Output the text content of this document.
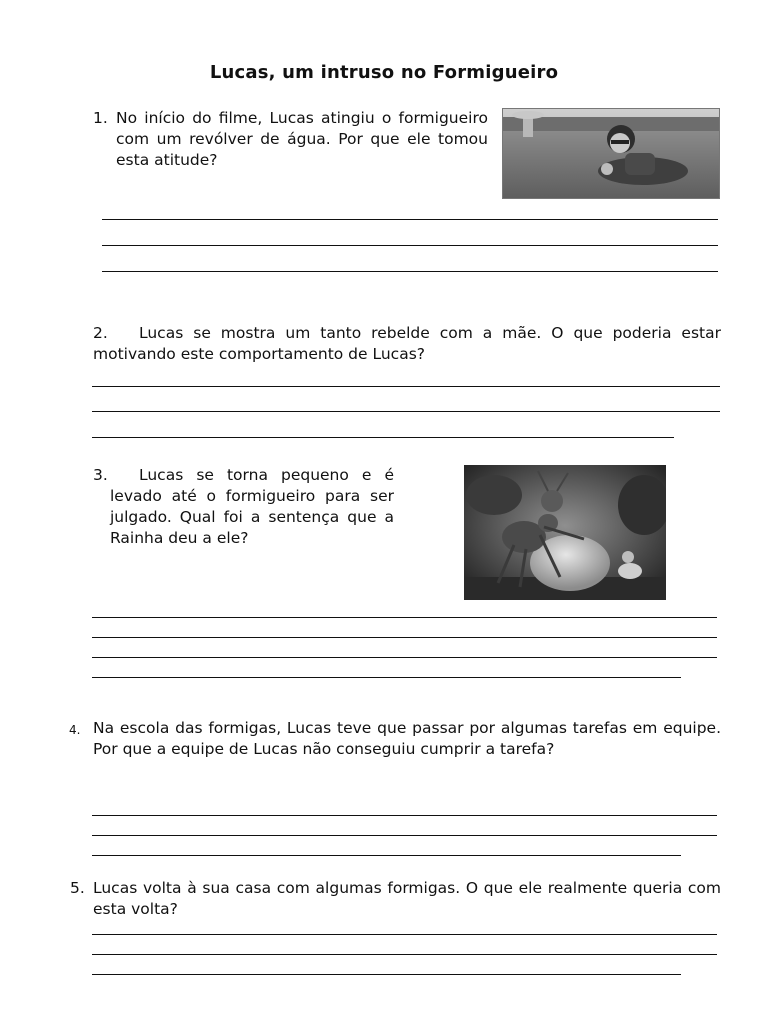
Lucas, um intruso no Formigueiro
1. No início do filme, Lucas atingiu o formigueiro com um revólver de água. Por que ele tomou esta atitude?
2.	Lucas se mostra um tanto rebelde com a mãe. O que poderia estar motivando este comportamento de Lucas?
3.	Lucas se torna pequeno e é levado até o formigueiro para ser julgado. Qual foi a sentença que a Rainha deu a ele?
4. Na escola das formigas, Lucas teve que passar por algumas tarefas em equipe. Por que a equipe de Lucas não conseguiu cumprir a tarefa?
5. Lucas volta à sua casa com algumas formigas. O que ele realmente queria com esta volta?
